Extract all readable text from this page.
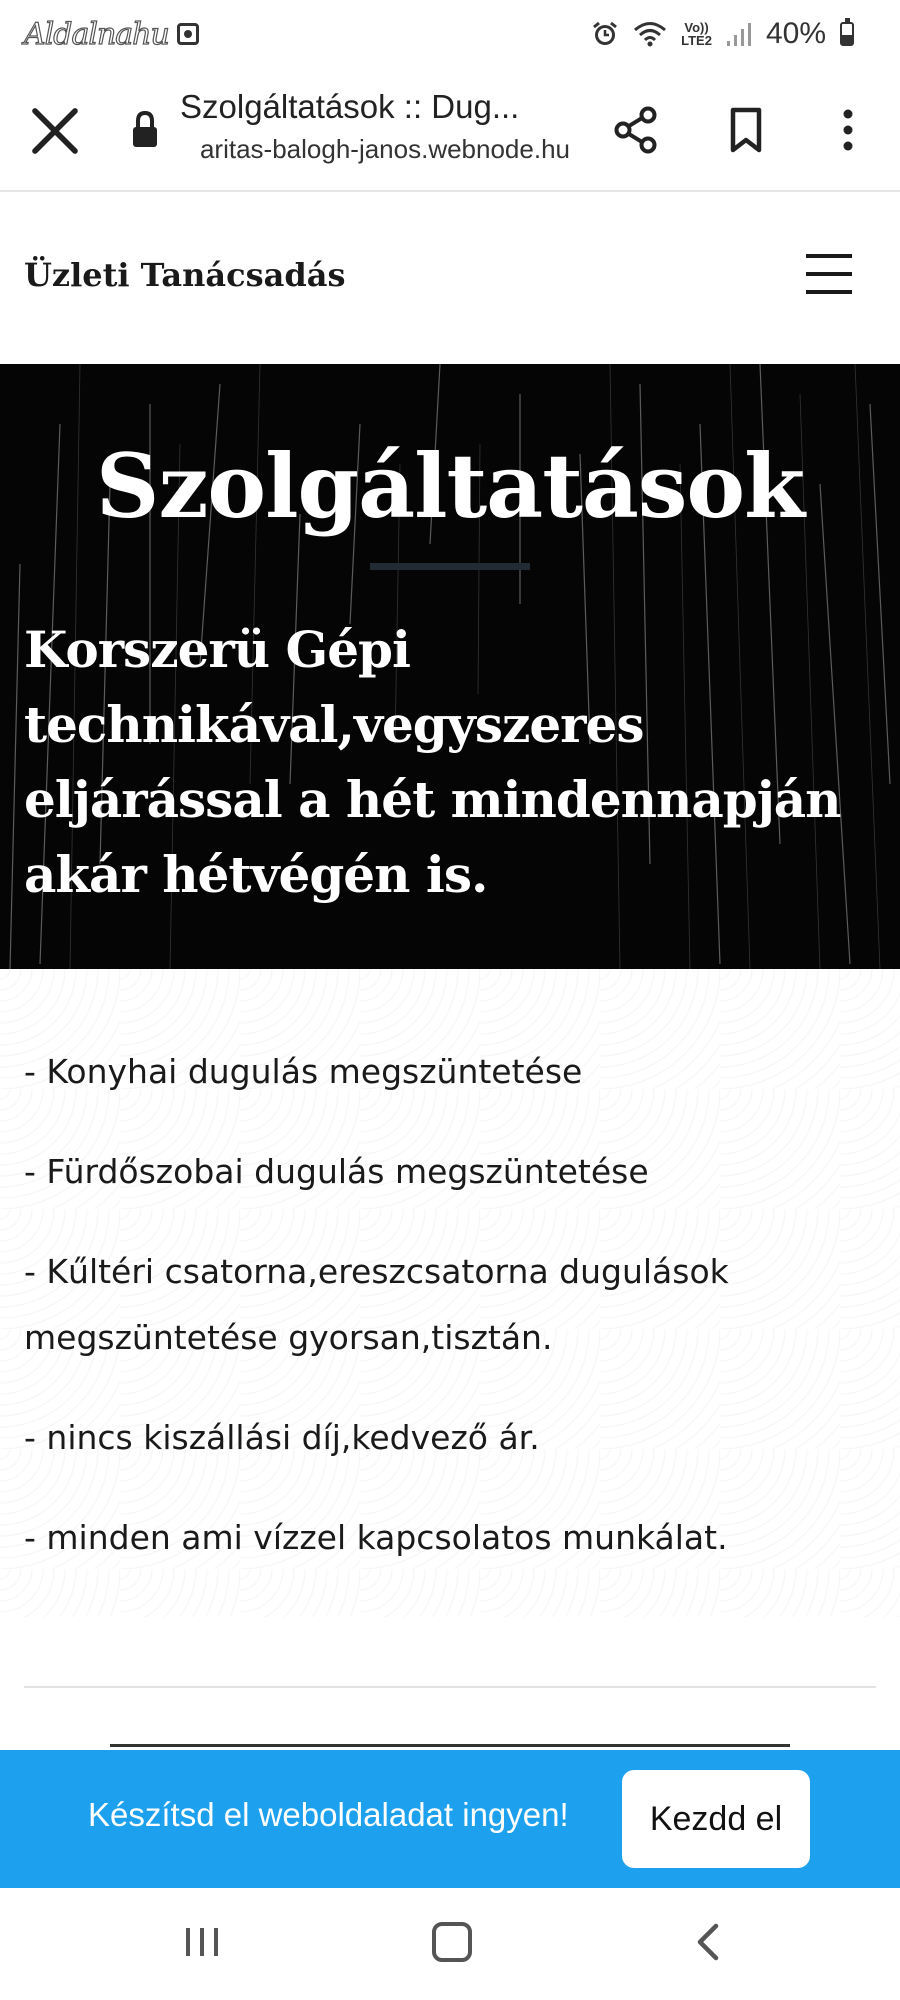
Aldalnahu	Vo))
LTE2 40%
Szolgáltatások :: Dug...
aritas-balogh-janos.webnode.hu
Üzleti Tanácsadás
Szolgáltatások
Korszerü Gépi technikával,vegyszeres eljárással a hét mindennapján akár hétvégén is.
- Konyhai dugulás megszüntetése
- Fürdőszobai dugulás megszüntetése
- Kűltéri csatorna,ereszcsatorna dugulások megszüntetése gyorsan,tisztán.
- nincs kiszállási díj,kedvező ár.
- minden ami vízzel kapcsolatos munkálat.
Készítsd el weboldaladat ingyen!	Kezdd el
